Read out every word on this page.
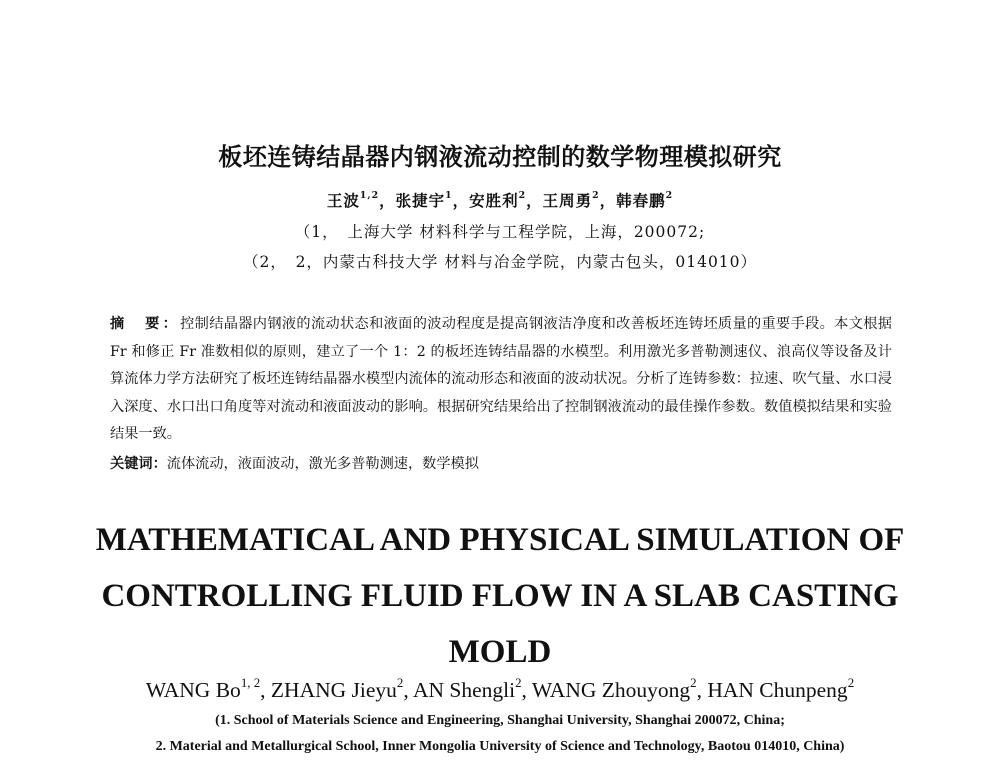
板坯连铸结晶器内钢液流动控制的数学物理模拟研究
王波$^{1,2}$，张捷宇$^1$，安胜利$^2$，王周勇$^2$，韩春鹏$^2$
（1，　上海大学 材料科学与工程学院，上海，200072;
（2，　2，内蒙古科技大学 材料与冶金学院，内蒙古包头，014010）

摘　要：控制结晶器内钢液的流动状态和液面的波动程度是提高钢液洁净度和改善板坯连铸坯质量的重要手段。本文根据 Fr 和修正 Fr 准数相似的原则，建立了一个 1：2 的板坯连铸结晶器的水模型。利用激光多普勒测速仪、浪高仪等设备及计算流体力学方法研究了板坯连铸结晶器水模型内流体的流动形态和液面的波动状况。分析了连铸参数：拉速、吹气量、水口浸入深度、水口出口角度等对流动和液面波动的影响。根据研究结果给出了控制钢液流动的最佳操作参数。数值模拟结果和实验结果一致。

关键词：流体流动，液面波动，激光多普勒测速，数学模拟

MATHEMATICAL AND PHYSICAL SIMULATION OF CONTROLLING FLUID FLOW IN A SLAB CASTING MOLD
WANG Bo$^{1, 2}$, ZHANG Jieyu$^2$, AN Shengli$^2$, WANG Zhouyong$^2$, HAN Chunpeng$^2$
(1. School of Materials Science and Engineering, Shanghai University, Shanghai 200072, China;
2. Material and Metallurgical School, Inner Mongolia University of Science and Technology, Baotou 014010, China)
